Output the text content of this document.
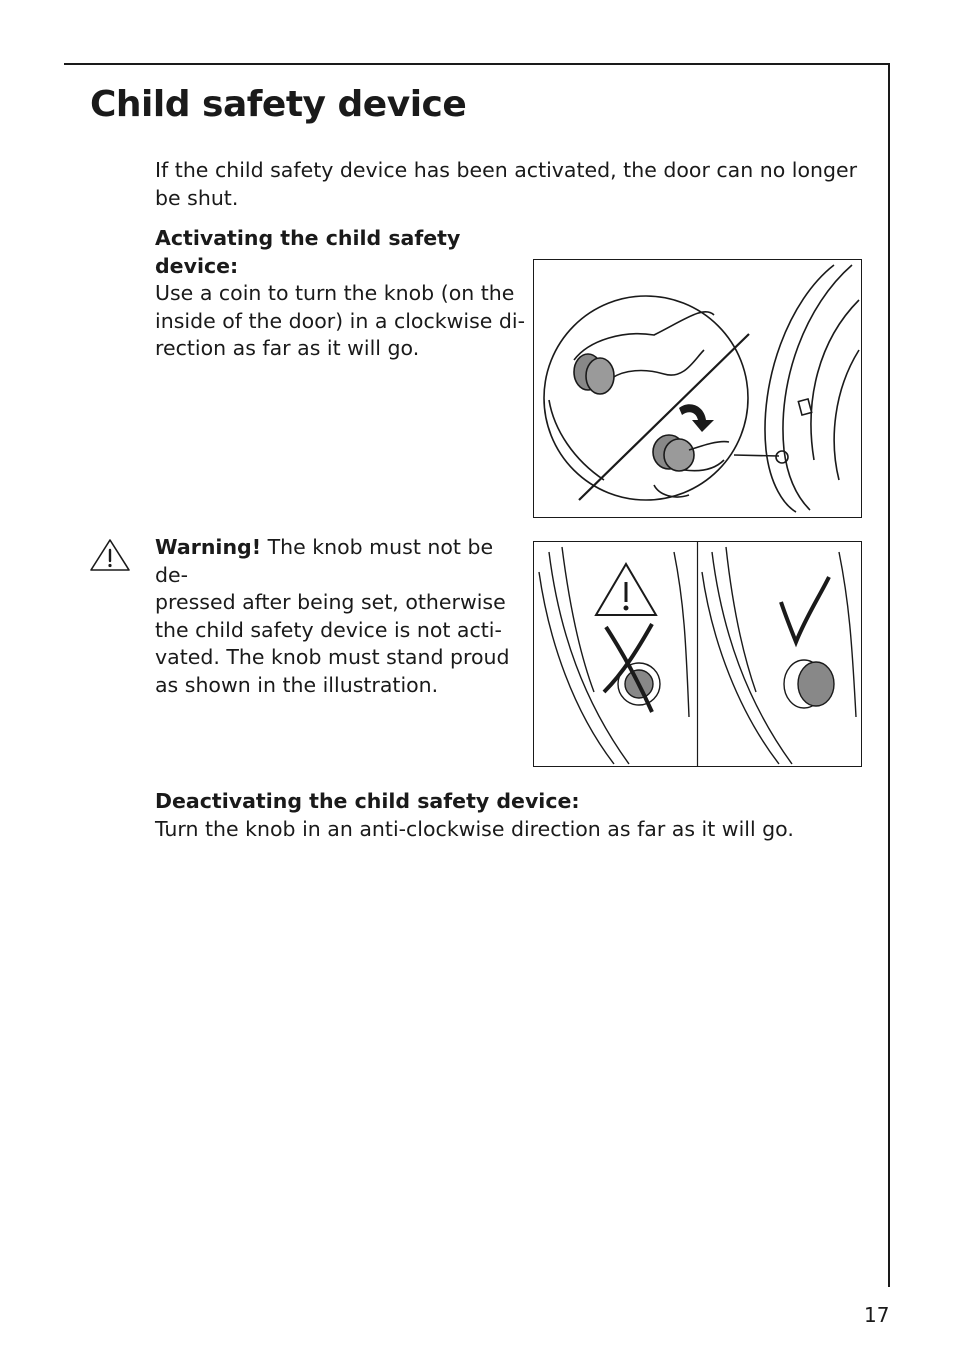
Child safety device

If the child safety device has been activated, the door can no longer be shut.

Activating the child safety device:
Use a coin to turn the knob (on the
inside of the door) in a clockwise di-
rection as far as it will go.
Warning! The knob must not be de-
pressed after being set, otherwise
the child safety device is not acti-
vated. The knob must stand proud
as shown in the illustration.
Deactivating the child safety device:
Turn the knob in an anti-clockwise direction as far as it will go.
17
